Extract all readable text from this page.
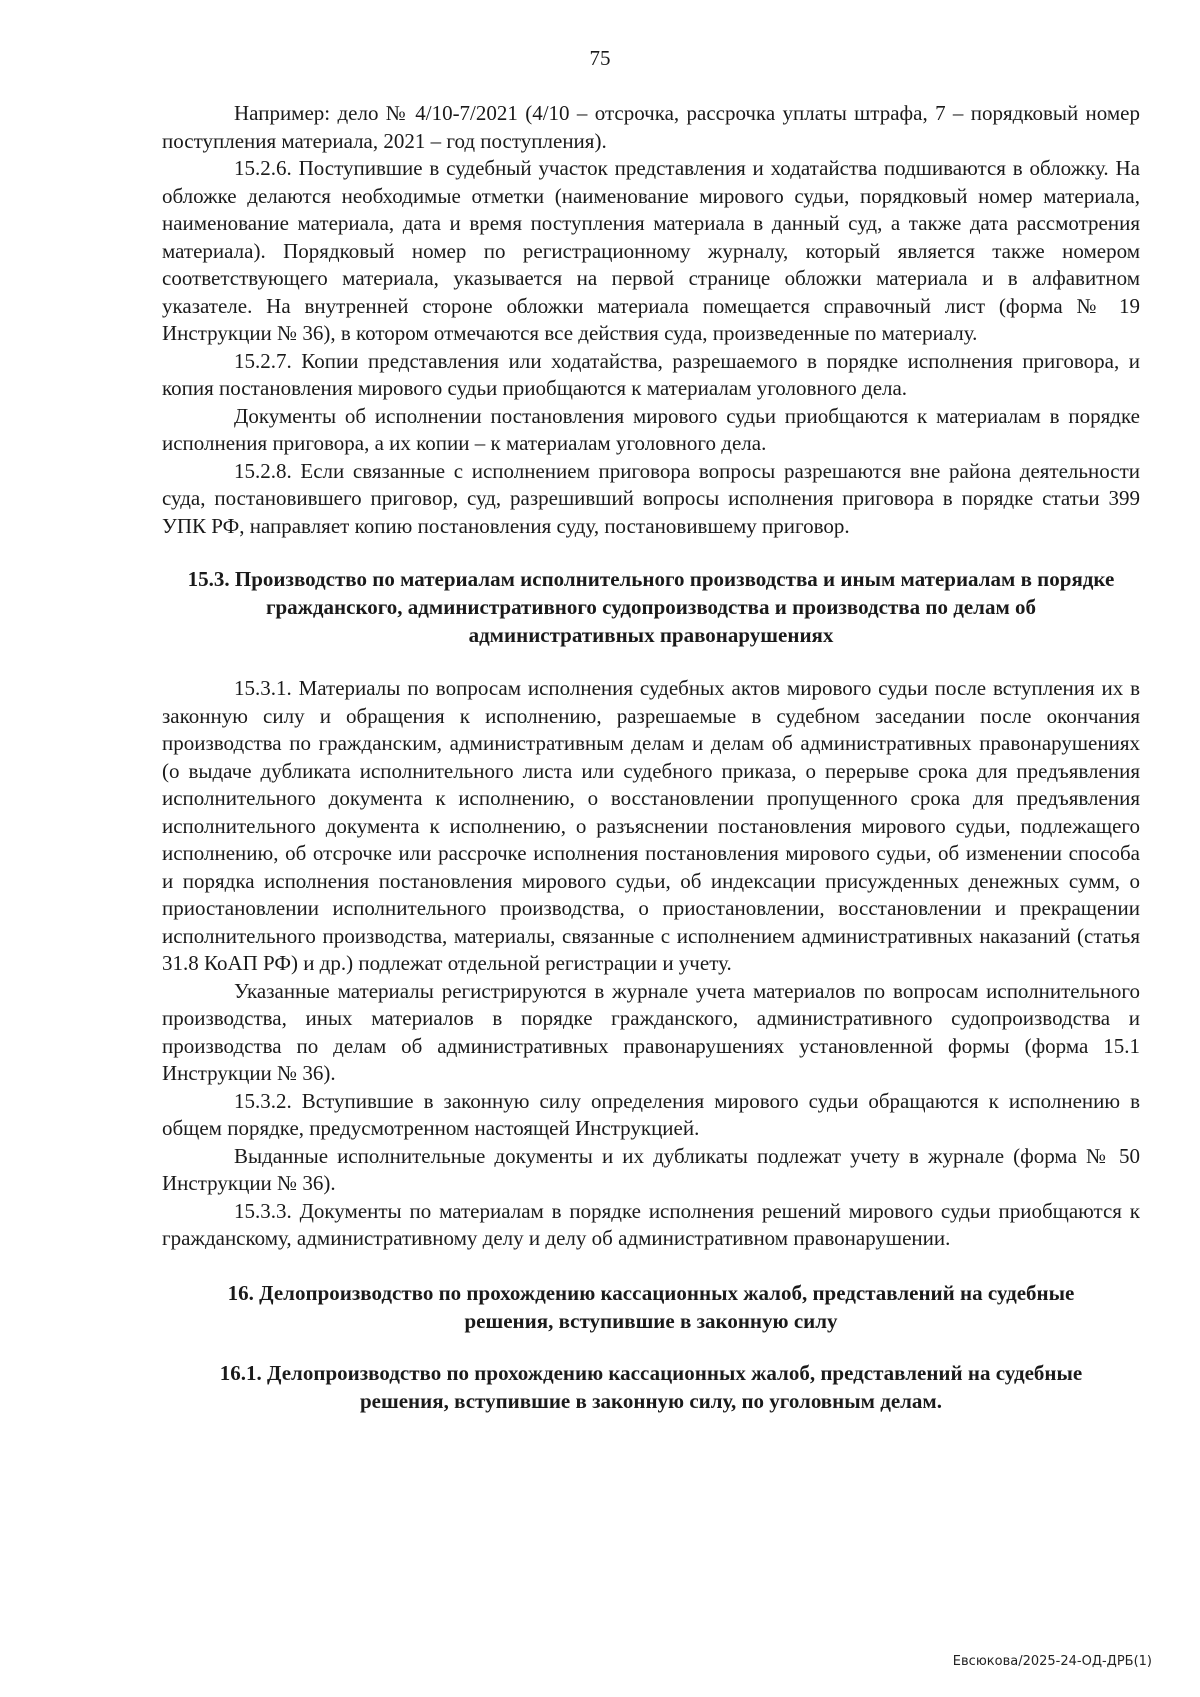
75

Например: дело № 4/10-7/2021 (4/10 – отсрочка, рассрочка уплаты штрафа, 7 – порядковый номер поступления материала, 2021 – год поступления).

15.2.6. Поступившие в судебный участок представления и ходатайства подшиваются в обложку. На обложке делаются необходимые отметки (наименование мирового судьи, порядковый номер материала, наименование материала, дата и время поступления материала в данный суд, а также дата рассмотрения материала). Порядковый номер по регистрационному журналу, который является также номером соответствующего материала, указывается на первой странице обложки материала и в алфавитном указателе. На внутренней стороне обложки материала помещается справочный лист (форма № 19 Инструкции № 36), в котором отмечаются все действия суда, произведенные по материалу.

15.2.7. Копии представления или ходатайства, разрешаемого в порядке исполнения приговора, и копия постановления мирового судьи приобщаются к материалам уголовного дела.

Документы об исполнении постановления мирового судьи приобщаются к материалам в порядке исполнения приговора, а их копии – к материалам уголовного дела.

15.2.8. Если связанные с исполнением приговора вопросы разрешаются вне района деятельности суда, постановившего приговор, суд, разрешивший вопросы исполнения приговора в порядке статьи 399 УПК РФ, направляет копию постановления суду, постановившему приговор.

15.3. Производство по материалам исполнительного производства и иным материалам в порядке гражданского, административного судопроизводства и производства по делам об административных правонарушениях

15.3.1. Материалы по вопросам исполнения судебных актов мирового судьи после вступления их в законную силу и обращения к исполнению, разрешаемые в судебном заседании после окончания производства по гражданским, административным делам и делам об административных правонарушениях (о выдаче дубликата исполнительного листа или судебного приказа, о перерыве срока для предъявления исполнительного документа к исполнению, о восстановлении пропущенного срока для предъявления исполнительного документа к исполнению, о разъяснении постановления мирового судьи, подлежащего исполнению, об отсрочке или рассрочке исполнения постановления мирового судьи, об изменении способа и порядка исполнения постановления мирового судьи, об индексации присужденных денежных сумм, о приостановлении исполнительного производства, о приостановлении, восстановлении и прекращении исполнительного производства, материалы, связанные с исполнением административных наказаний (статья 31.8 КоАП РФ) и др.) подлежат отдельной регистрации и учету.

Указанные материалы регистрируются в журнале учета материалов по вопросам исполнительного производства, иных материалов в порядке гражданского, административного судопроизводства и производства по делам об административных правонарушениях установленной формы (форма 15.1 Инструкции № 36).

15.3.2. Вступившие в законную силу определения мирового судьи обращаются к исполнению в общем порядке, предусмотренном настоящей Инструкцией.

Выданные исполнительные документы и их дубликаты подлежат учету в журнале (форма № 50 Инструкции № 36).

15.3.3. Документы по материалам в порядке исполнения решений мирового судьи приобщаются к гражданскому, административному делу и делу об административном правонарушении.

16. Делопроизводство по прохождению кассационных жалоб, представлений на судебные решения, вступившие в законную силу
16.1. Делопроизводство по прохождению кассационных жалоб, представлений на судебные решения, вступившие в законную силу, по уголовным делам.
Евсюкова/2025-24-ОД-ДРБ(1)
